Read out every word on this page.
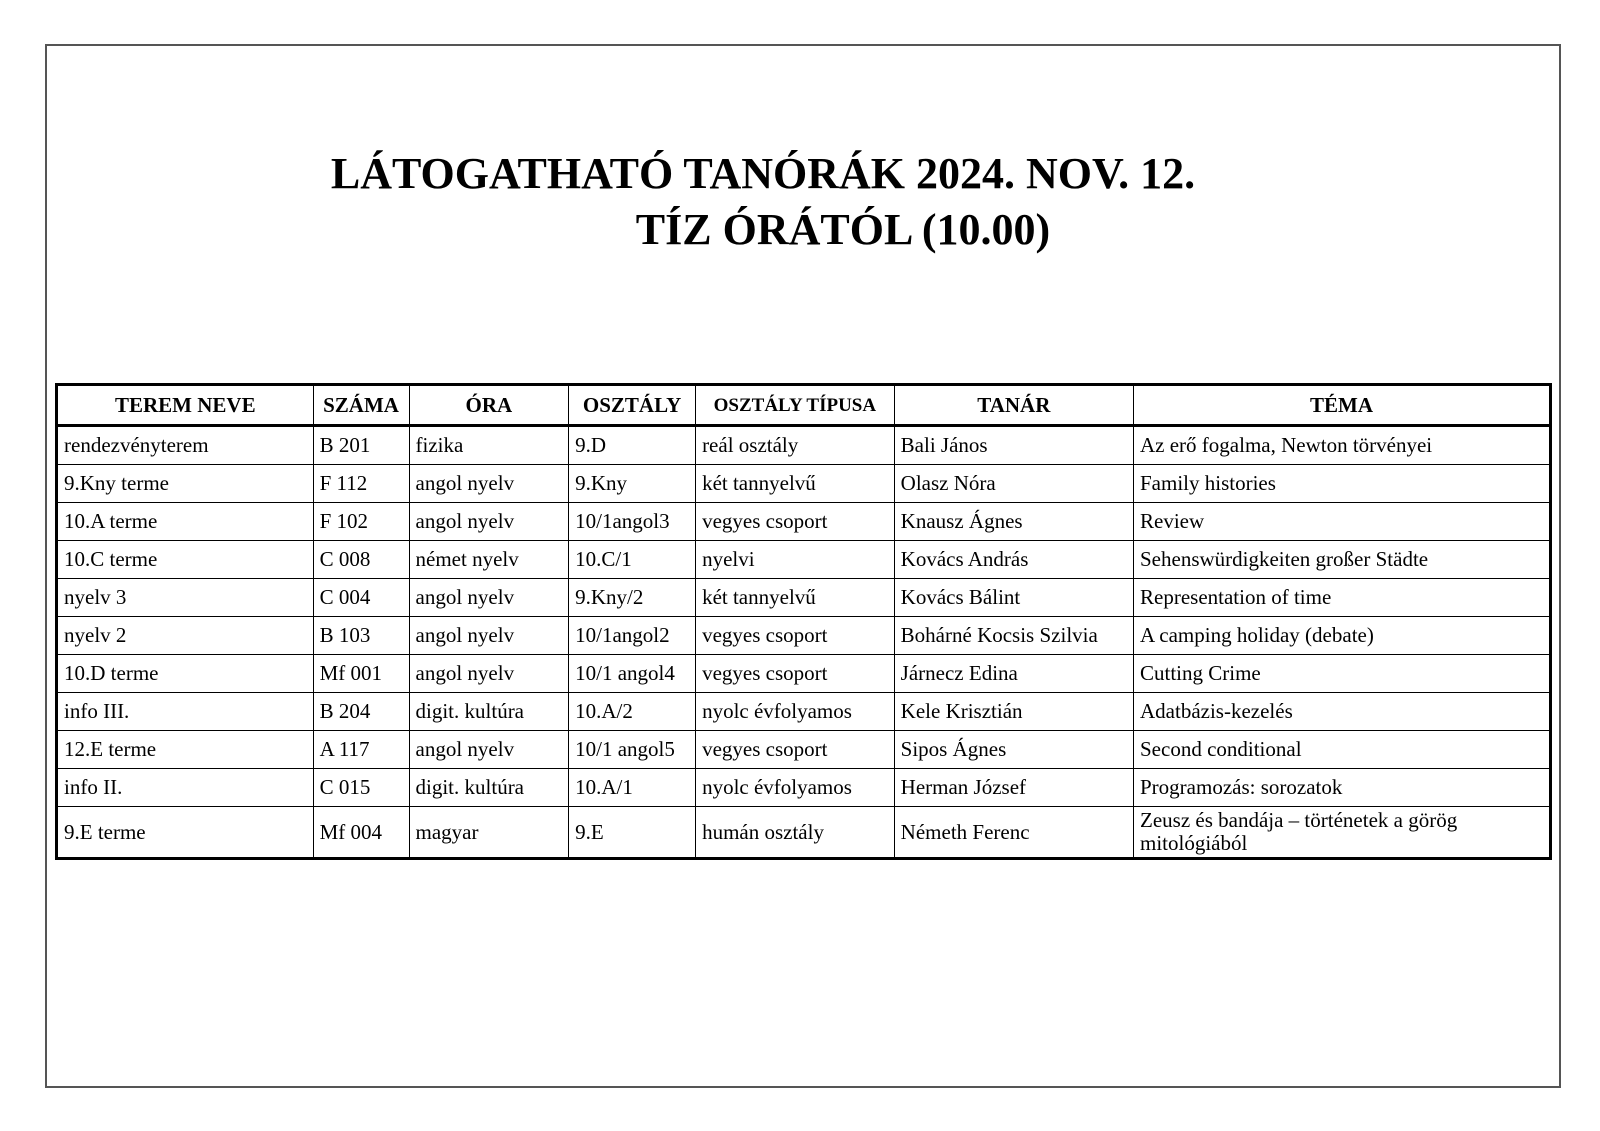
LÁTOGATHATÓ TANÓRÁK 2024. NOV. 12.
TÍZ ÓRÁTÓL (10.00)
TEREM NEVE	SZÁMA	ÓRA	OSZTÁLY	OSZTÁLY TÍPUSA	TANÁR	TÉMA
rendezvényterem	B 201	fizika	9.D	reál osztály	Bali János	Az erő fogalma, Newton törvényei
9.Kny terme	F 112	angol nyelv	9.Kny	két tannyelvű	Olasz Nóra	Family histories
10.A terme	F 102	angol nyelv	10/1angol3	vegyes csoport	Knausz Ágnes	Review
10.C terme	C 008	német nyelv	10.C/1	nyelvi	Kovács András	Sehenswürdigkeiten großer Städte
nyelv 3	C 004	angol nyelv	9.Kny/2	két tannyelvű	Kovács Bálint	Representation of time
nyelv 2	B 103	angol nyelv	10/1angol2	vegyes csoport	Bohárné Kocsis Szilvia	A camping holiday (debate)
10.D terme	Mf 001	angol nyelv	10/1 angol4	vegyes csoport	Járnecz Edina	Cutting Crime
info III.	B 204	digit. kultúra	10.A/2	nyolc évfolyamos	Kele Krisztián	Adatbázis-kezelés
12.E terme	A 117	angol nyelv	10/1 angol5	vegyes csoport	Sipos Ágnes	Second conditional
info II.	C 015	digit. kultúra	10.A/1	nyolc évfolyamos	Herman József	Programozás: sorozatok
9.E terme	Mf 004	magyar	9.E	humán osztály	Németh Ferenc	Zeusz és bandája – történetek a görög mitológiából
